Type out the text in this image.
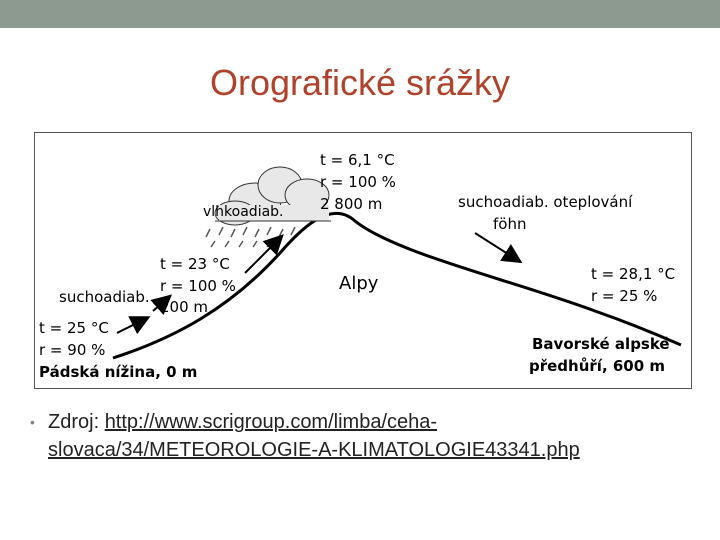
Orografické srážky
t = 6,1 °C
r = 100 %
2 800 m	suchoadiab. oteplování
föhn
vlhkoadiab.
t = 23 °C
r = 100 %
200 m
Alpy
suchoadiab.
t = 28,1 °C
r = 25 %
t = 25 °C
r = 90 %
Pádská nížina, 0 m
Bavorské alpské
předhůří, 600 m
• Zdroj: http://www.scrigroup.com/limba/ceha-slovaca/34/METEOROLOGIE-A-KLIMATOLOGIE43341.php
